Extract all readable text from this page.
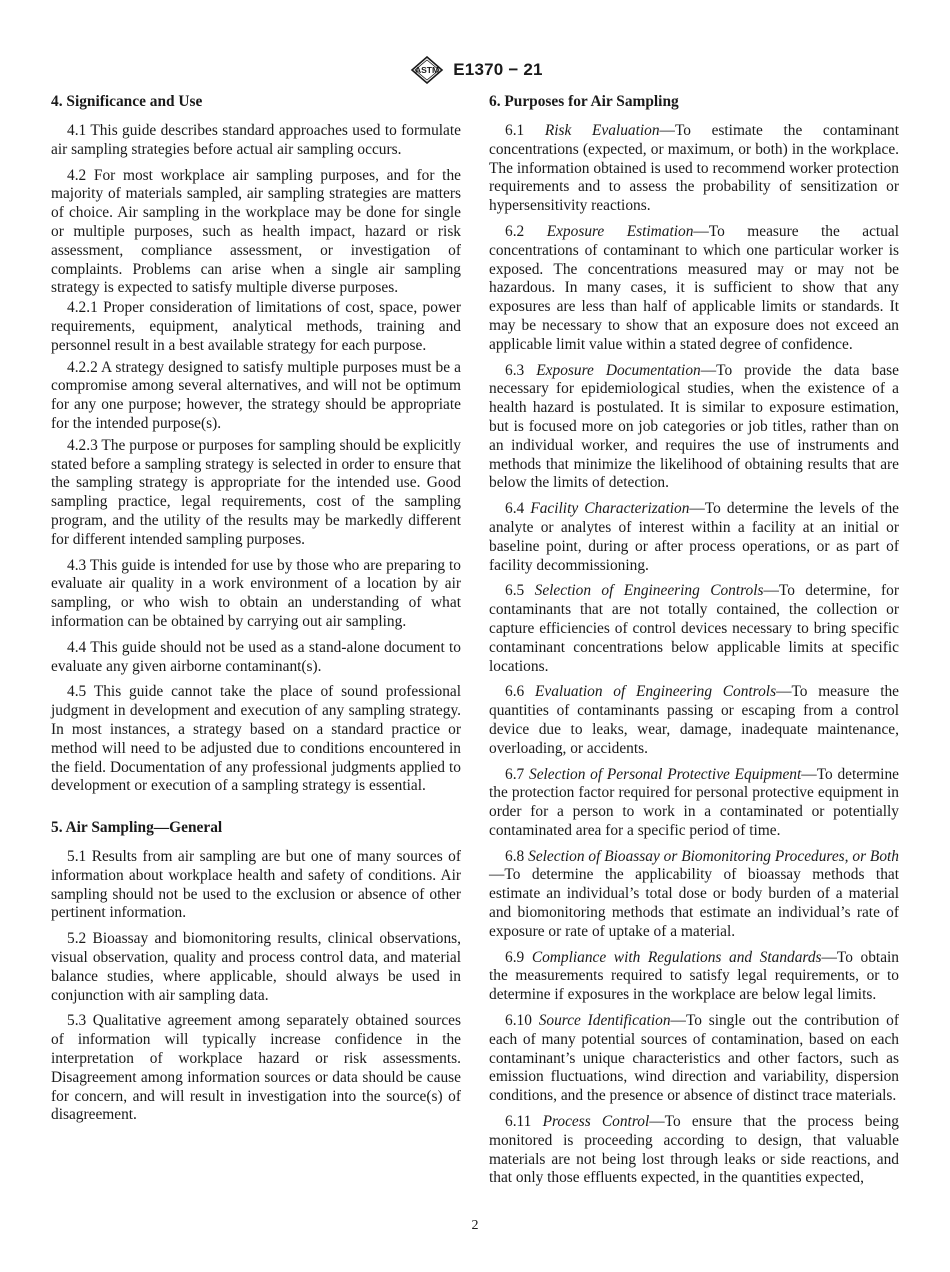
ASTM E1370 − 21
4. Significance and Use

4.1 This guide describes standard approaches used to formulate air sampling strategies before actual air sampling occurs.

4.2 For most workplace air sampling purposes, and for the majority of materials sampled, air sampling strategies are matters of choice. Air sampling in the workplace may be done for single or multiple purposes, such as health impact, hazard or risk assessment, compliance assessment, or investigation of complaints. Problems can arise when a single air sampling strategy is expected to satisfy multiple diverse purposes.

4.2.1 Proper consideration of limitations of cost, space, power requirements, equipment, analytical methods, training and personnel result in a best available strategy for each purpose.

4.2.2 A strategy designed to satisfy multiple purposes must be a compromise among several alternatives, and will not be optimum for any one purpose; however, the strategy should be appropriate for the intended purpose(s).

4.2.3 The purpose or purposes for sampling should be explicitly stated before a sampling strategy is selected in order to ensure that the sampling strategy is appropriate for the intended use. Good sampling practice, legal requirements, cost of the sampling program, and the utility of the results may be markedly different for different intended sampling purposes.

4.3 This guide is intended for use by those who are preparing to evaluate air quality in a work environment of a location by air sampling, or who wish to obtain an understanding of what information can be obtained by carrying out air sampling.

4.4 This guide should not be used as a stand-alone document to evaluate any given airborne contaminant(s).

4.5 This guide cannot take the place of sound professional judgment in development and execution of any sampling strategy. In most instances, a strategy based on a standard practice or method will need to be adjusted due to conditions encountered in the field. Documentation of any professional judgments applied to development or execution of a sampling strategy is essential.

5. Air Sampling—General

5.1 Results from air sampling are but one of many sources of information about workplace health and safety of conditions. Air sampling should not be used to the exclusion or absence of other pertinent information.

5.2 Bioassay and biomonitoring results, clinical observations, visual observation, quality and process control data, and material balance studies, where applicable, should always be used in conjunction with air sampling data.

5.3 Qualitative agreement among separately obtained sources of information will typically increase confidence in the interpretation of workplace hazard or risk assessments. Disagreement among information sources or data should be cause for concern, and will result in investigation into the source(s) of disagreement.

6. Purposes for Air Sampling

6.1 Risk Evaluation—To estimate the contaminant concentrations (expected, or maximum, or both) in the workplace. The information obtained is used to recommend worker protection requirements and to assess the probability of sensitization or hypersensitivity reactions.

6.2 Exposure Estimation—To measure the actual concentrations of contaminant to which one particular worker is exposed. The concentrations measured may or may not be hazardous. In many cases, it is sufficient to show that any exposures are less than half of applicable limits or standards. It may be necessary to show that an exposure does not exceed an applicable limit value within a stated degree of confidence.

6.3 Exposure Documentation—To provide the data base necessary for epidemiological studies, when the existence of a health hazard is postulated. It is similar to exposure estimation, but is focused more on job categories or job titles, rather than on an individual worker, and requires the use of instruments and methods that minimize the likelihood of obtaining results that are below the limits of detection.

6.4 Facility Characterization—To determine the levels of the analyte or analytes of interest within a facility at an initial or baseline point, during or after process operations, or as part of facility decommissioning.

6.5 Selection of Engineering Controls—To determine, for contaminants that are not totally contained, the collection or capture efficiencies of control devices necessary to bring specific contaminant concentrations below applicable limits at specific locations.

6.6 Evaluation of Engineering Controls—To measure the quantities of contaminants passing or escaping from a control device due to leaks, wear, damage, inadequate maintenance, overloading, or accidents.

6.7 Selection of Personal Protective Equipment—To determine the protection factor required for personal protective equipment in order for a person to work in a contaminated or potentially contaminated area for a specific period of time.

6.8 Selection of Bioassay or Biomonitoring Procedures, or Both—To determine the applicability of bioassay methods that estimate an individual’s total dose or body burden of a material and biomonitoring methods that estimate an individual’s rate of exposure or rate of uptake of a material.

6.9 Compliance with Regulations and Standards—To obtain the measurements required to satisfy legal requirements, or to determine if exposures in the workplace are below legal limits.

6.10 Source Identification—To single out the contribution of each of many potential sources of contamination, based on each contaminant’s unique characteristics and other factors, such as emission fluctuations, wind direction and variability, dispersion conditions, and the presence or absence of distinct trace materials.

6.11 Process Control—To ensure that the process being monitored is proceeding according to design, that valuable materials are not being lost through leaks or side reactions, and that only those effluents expected, in the quantities expected,

2
